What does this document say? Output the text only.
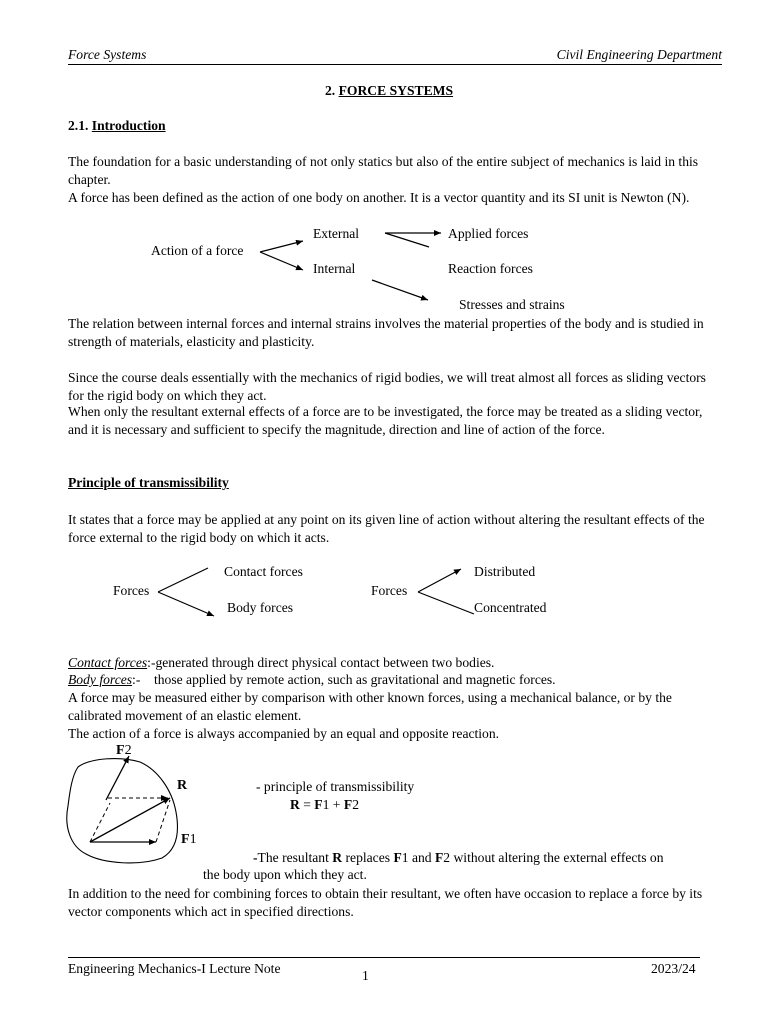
Force Systems	Civil Engineering Department
2. FORCE SYSTEMS
2.1. Introduction
The foundation for a basic understanding of not only statics but also of the entire subject of mechanics is laid in this chapter.
A force has been defined as the action of one body on another. It is a vector quantity and its SI unit is Newton (N).
Action of a force
External
Internal
Applied forces
Reaction forces
Stresses and strains
The relation between internal forces and internal strains involves the material properties of the body and is studied in strength of materials, elasticity and plasticity.
Since the course deals essentially with the mechanics of rigid bodies, we will treat almost all forces as sliding vectors for the rigid body on which they act.
When only the resultant external effects of a force are to be investigated, the force may be treated as a sliding vector, and it is necessary and sufficient to specify the magnitude, direction and line of action of the force.
Principle of transmissibility
It states that a force may be applied at any point on its given line of action without altering the resultant effects of the force external to the rigid body on which it acts.
Forces
Contact forces
Body forces
Forces
Distributed
Concentrated
Contact forces:-generated through direct physical contact between two bodies.
Body forces:-    those applied by remote action, such as gravitational and magnetic forces.
A force may be measured either by comparison with other known forces, using a mechanical balance, or by the calibrated movement of an elastic element.
The action of a force is always accompanied by an equal and opposite reaction.
F2
R
F1
- principle of transmissibility
R = F1 + F2
-The resultant R replaces F1 and F2 without altering the external effects on
the body upon which they act.
In addition to the need for combining forces to obtain their resultant, we often have occasion to replace a force by its vector components which act in specified directions.
Engineering Mechanics-I Lecture Note	1	2023/24
